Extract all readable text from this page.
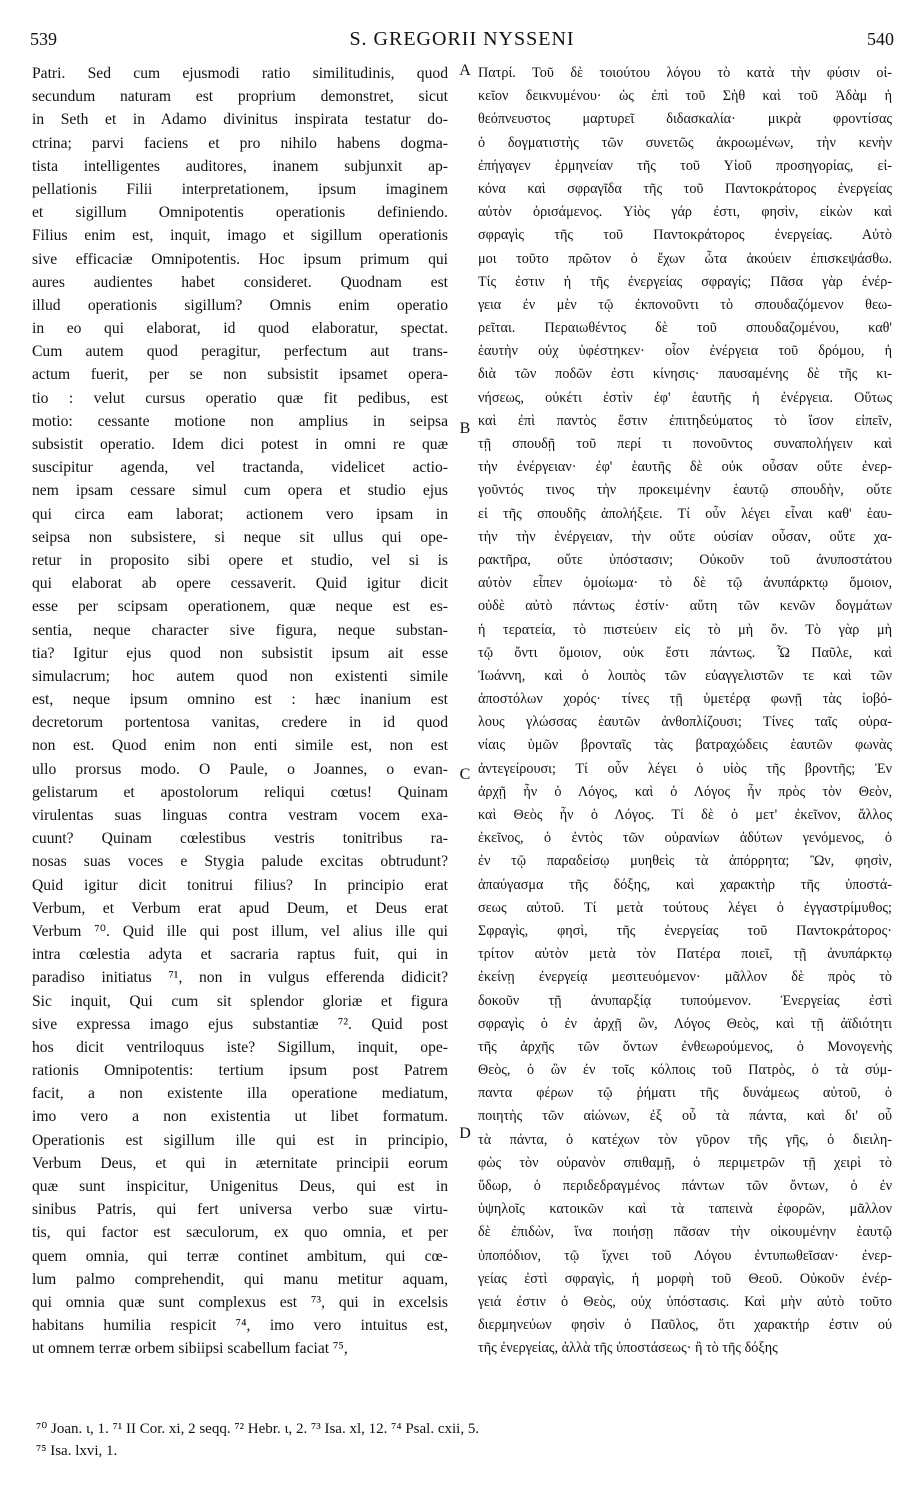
539	S. GREGORII NYSSENI	540
Patri. Sed cum ejusmodi ratio similitudinis, quod
secundum naturam est proprium demonstret, sicut
in Seth et in Adamo divinitus inspirata testatur do-
ctrina; parvi faciens et pro nihilo habens dogma-
tista intelligentes auditores, inanem subjunxit ap-
pellationis Filii interpretationem, ipsum imaginem
et sigillum Omnipotentis operationis definiendo.
Filius enim est, inquit, imago et sigillum operationis
sive efficaciæ Omnipotentis. Hoc ipsum primum qui
aures audientes habet consideret. Quodnam est
illud operationis sigillum? Omnis enim operatio
in eo qui elaborat, id quod elaboratur, spectat.
Cum autem quod peragitur, perfectum aut trans-
actum fuerit, per se non subsistit ipsamet opera-
tio : velut cursus operatio quæ fit pedibus, est
motio: cessante motione non amplius in seipsa
subsistit operatio. Idem dici potest in omni re quæ
suscipitur agenda, vel tractanda, videlicet actio-
nem ipsam cessare simul cum opera et studio ejus
qui circa eam laborat; actionem vero ipsam in
seipsa non subsistere, si neque sit ullus qui ope-
retur in proposito sibi opere et studio, vel si is
qui elaborat ab opere cessaverit. Quid igitur dicit
esse per scipsam operationem, quæ neque est es-
sentia, neque character sive figura, neque substan-
tia? Igitur ejus quod non subsistit ipsum ait esse
simulacrum; hoc autem quod non existenti simile
est, neque ipsum omnino est : hæc inanium est
decretorum portentosa vanitas, credere in id quod
non est. Quod enim non enti simile est, non est
ullo prorsus modo. O Paule, o Joannes, o evan-
gelistarum et apostolorum reliqui cœtus! Quinam
virulentas suas linguas contra vestram vocem exa-
cuunt? Quinam cœlestibus vestris tonitribus ra-
nosas suas voces e Stygia palude excitas obtrudunt?
Quid igitur dicit tonitrui filius? In principio erat
Verbum, et Verbum erat apud Deum, et Deus erat
Verbum ⁷⁰. Quid ille qui post illum, vel alius ille qui
intra cœlestia adyta et sacraria raptus fuit, qui in
paradiso initiatus ⁷¹, non in vulgus efferenda didicit?
Sic inquit, Qui cum sit splendor gloriæ et figura
sive expressa imago ejus substantiæ ⁷². Quid post
hos dicit ventriloquus iste? Sigillum, inquit, ope-
rationis Omnipotentis: tertium ipsum post Patrem
facit, a non existente illa operatione mediatum,
imo vero a non existentia ut libet formatum.
Operationis est sigillum ille qui est in principio,
Verbum Deus, et qui in æternitate principii eorum
quæ sunt inspicitur, Unigenitus Deus, qui est in
sinibus Patris, qui fert universa verbo suæ virtu-
tis, qui factor est sæculorum, ex quo omnia, et per
quem omnia, qui terræ continet ambitum, qui cœ-
lum palmo comprehendit, qui manu metitur aquam,
qui omnia quæ sunt complexus est ⁷³, qui in excelsis
habitans humilia respicit ⁷⁴, imo vero intuitus est,
ut omnem terræ orbem sibiipsi scabellum faciat ⁷⁵,
A
B
C
D
Πατρί. Τοῦ δὲ τοιούτου λόγου τὸ κατὰ τὴν φύσιν οἰ-
κεῖον δεικνυμένου· ὡς ἐπὶ τοῦ Σὴθ καὶ τοῦ Ἀδὰμ ἡ
θεόπνευστος μαρτυρεῖ διδασκαλία· μικρὰ φροντίσας
ὁ δογματιστὴς τῶν συνετῶς ἀκροωμένων, τὴν κενὴν
ἐπήγαγεν ἑρμηνείαν τῆς τοῦ Υἱοῦ προσηγορίας, εἰ-
κόνα καὶ σφραγῖδα τῆς τοῦ Παντοκράτορος ἐνεργείας
αὐτὸν ὁρισάμενος. Υἱὸς γάρ ἐστι, φησὶν, εἰκὼν καὶ
σφραγὶς τῆς τοῦ Παντοκράτορος ἐνεργείας. Αὐτὸ
μοι τοῦτο πρῶτον ὁ ἔχων ὦτα ἀκούειν ἐπισκεψάσθω.
Τίς ἐστιν ἡ τῆς ἐνεργείας σφραγίς; Πᾶσα γὰρ ἐνέρ-
γεια ἐν μὲν τῷ ἐκπονοῦντι τὸ σπουδαζόμενον θεω-
ρεῖται. Περαιωθέντος δὲ τοῦ σπουδαζομένου, καθ'
ἑαυτὴν οὐχ ὑφέστηκεν· οἷον ἐνέργεια τοῦ δρόμου, ἡ
διὰ τῶν ποδῶν ἐστι κίνησις· παυσαμένης δὲ τῆς κι-
νήσεως, οὐκέτι ἐστὶν ἐφ' ἑαυτῆς ἡ ἐνέργεια. Οὕτως
καὶ ἐπὶ παντὸς ἔστιν ἐπιτηδεύματος τὸ ἴσον εἰπεῖν,
τῇ σπουδῇ τοῦ περί τι πονοῦντος συναπολήγειν καὶ
τὴν ἐνέργειαν· ἐφ' ἑαυτῆς δὲ οὐκ οὖσαν οὔτε ἐνερ-
γοῦντός τινος τὴν προκειμένην ἑαυτῷ σπουδὴν, οὔτε
εἰ τῆς σπουδῆς ἀπολήξειε. Τί οὖν λέγει εἶναι καθ' ἑαυ-
τὴν τὴν ἐνέργειαν, τὴν οὔτε οὐσίαν οὖσαν, οὔτε χα-
ρακτῆρα, οὔτε ὑπόστασιν; Οὐκοῦν τοῦ ἀνυποστάτου
αὐτὸν εἶπεν ὁμοίωμα· τὸ δὲ τῷ ἀνυπάρκτῳ ὅμοιον,
οὐδὲ αὐτὸ πάντως ἐστίν· αὕτη τῶν κενῶν δογμάτων
ἡ τερατεία, τὸ πιστεύειν εἰς τὸ μὴ ὄν. Τὸ γὰρ μὴ
τῷ ὄντι ὅμοιον, οὐκ ἔστι πάντως. Ὦ Παῦλε, καὶ
Ἰωάννη, καὶ ὁ λοιπὸς τῶν εὐαγγελιστῶν τε καὶ τῶν
ἀποστόλων χορός· τίνες τῇ ὑμετέρᾳ φωνῇ τὰς ἰοβό-
λους γλώσσας ἑαυτῶν ἀνθοπλίζουσι; Τίνες ταῖς οὐρα-
νίαις ὑμῶν βρονταῖς τὰς βατραχώδεις ἑαυτῶν φωνὰς
ἀντεγείρουσι; Τί οὖν λέγει ὁ υἱὸς τῆς βροντῆς; Ἐν
ἀρχῇ ἦν ὁ Λόγος, καὶ ὁ Λόγος ἦν πρὸς τὸν Θεὸν,
καὶ Θεὸς ἦν ὁ Λόγος. Τί δὲ ὁ μετ' ἐκεῖνον, ἄλλος
ἐκεῖνος, ὁ ἐντὸς τῶν οὐρανίων ἀδύτων γενόμενος, ὁ
ἐν τῷ παραδείσῳ μυηθεὶς τὰ ἀπόρρητα; Ὢν, φησὶν,
ἀπαύγασμα τῆς δόξης, καὶ χαρακτὴρ τῆς ὑποστά-
σεως αὐτοῦ. Τί μετὰ τούτους λέγει ὁ ἐγγαστρίμυθος;
Σφραγὶς, φησὶ, τῆς ἐνεργείας τοῦ Παντοκράτορος·
τρίτον αὐτὸν μετὰ τὸν Πατέρα ποιεῖ, τῇ ἀνυπάρκτῳ
ἐκείνῃ ἐνεργείᾳ μεσιτευόμενον· μᾶλλον δὲ πρὸς τὸ
δοκοῦν τῇ ἀνυπαρξίᾳ τυπούμενον. Ἐνεργείας ἐστὶ
σφραγὶς ὁ ἐν ἀρχῇ ὢν, Λόγος Θεὸς, καὶ τῇ ἀϊδιότητι
τῆς ἀρχῆς τῶν ὄντων ἐνθεωρούμενος, ὁ Μονογενὴς
Θεὸς, ὁ ὢν ἐν τοῖς κόλποις τοῦ Πατρὸς, ὁ τὰ σύμ-
παντα φέρων τῷ ῥήματι τῆς δυνάμεως αὐτοῦ, ὁ
ποιητὴς τῶν αἰώνων, ἐξ οὗ τὰ πάντα, καὶ δι' οὗ
τὰ πάντα, ὁ κατέχων τὸν γῦρον τῆς γῆς, ὁ διειλη-
φὼς τὸν οὐρανὸν σπιθαμῇ, ὁ περιμετρῶν τῇ χειρὶ τὸ
ὕδωρ, ὁ περιδεδραγμένος πάντων τῶν ὄντων, ὁ ἐν
ὑψηλοῖς κατοικῶν καὶ τὰ ταπεινὰ ἐφορῶν, μᾶλλον
δὲ ἐπιδὼν, ἵνα ποιήσῃ πᾶσαν τὴν οἰκουμένην ἑαυτῷ
ὑποπόδιον, τῷ ἴχνει τοῦ Λόγου ἐντυπωθεῖσαν· ἐνερ-
γείας ἐστὶ σφραγὶς, ἡ μορφὴ τοῦ Θεοῦ. Οὐκοῦν ἐνέρ-
γειά ἐστιν ὁ Θεὸς, οὐχ ὑπόστασις. Καὶ μὴν αὐτὸ τοῦτο
διερμηνεύων φησὶν ὁ Παῦλος, ὅτι χαρακτήρ ἐστιν οὐ
τῆς ἐνεργείας, ἀλλὰ τῆς ὑποστάσεως· ἢ τὸ τῆς δόξης
⁷⁰ Joan. ι, 1. ⁷¹ II Cor. xi, 2 seqq. ⁷² Hebr. ι, 2. ⁷³ Isa. xl, 12. ⁷⁴ Psal. cxii, 5.
⁷⁵ Isa. lxvi, 1.
